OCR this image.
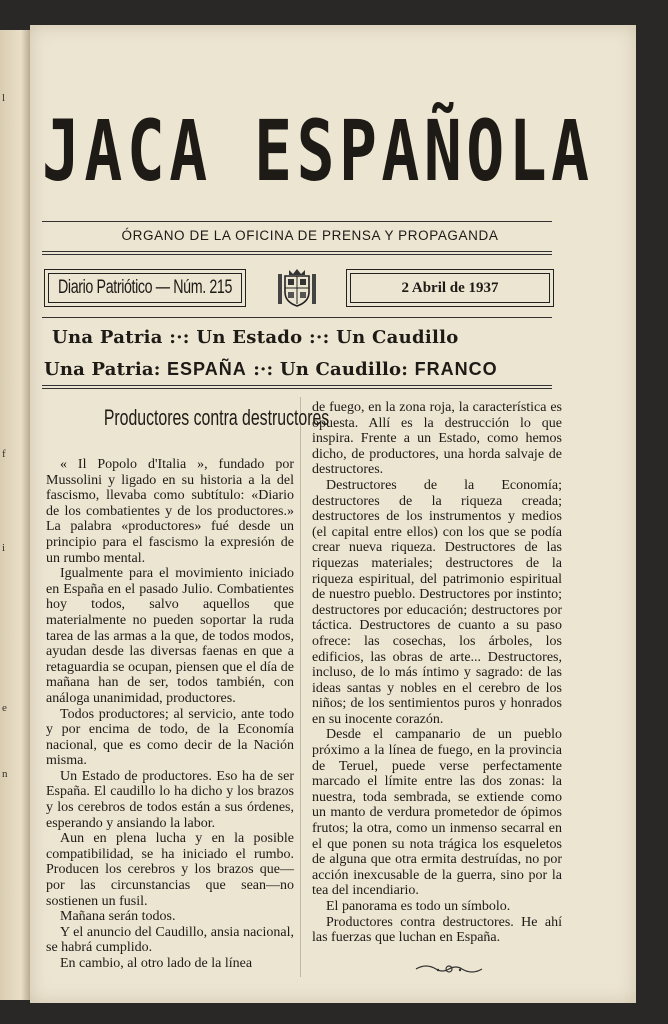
l
f
i
e
n
JACA ESPAÑOLA
ÓRGANO DE LA OFICINA DE PRENSA Y PROPAGANDA
Diario Patriótico — Núm. 215	2 Abril de 1937
Una Patria :·: Un Estado :·: Un Caudillo
Una Patria: ESPAÑA :·: Un Caudillo: FRANCO
Productores contra destructores

« Il Popolo d'Italia », fundado por Mussolini y ligado en su historia a la del fascismo, llevaba como subtítulo: «Diario de los combatientes y de los productores.» La palabra «productores» fué desde un principio para el fascismo la expresión de un rumbo mental.

Igualmente para el movimiento iniciado en España en el pasado Julio. Combatientes hoy todos, salvo aquellos que materialmente no pueden soportar la ruda tarea de las armas a la que, de todos modos, ayudan desde las diversas faenas en que a retaguardia se ocupan, piensen que el día de mañana han de ser, todos también, con análoga unanimidad, productores.

Todos productores; al servicio, ante todo y por encima de todo, de la Economía nacional, que es como decir de la Nación misma.

Un Estado de productores. Eso ha de ser España. El caudillo lo ha dicho y los brazos y los cerebros de todos están a sus órdenes, esperando y ansiando la labor.

Aun en plena lucha y en la posible compatibilidad, se ha iniciado el rumbo. Producen los cerebros y los brazos que—por las circunstancias que sean—no sostienen un fusil.

Mañana serán todos.

Y el anuncio del Caudillo, ansia nacional, se habrá cumplido.

En cambio, al otro lado de la línea

de fuego, en la zona roja, la característica es opuesta. Allí es la destrucción lo que inspira. Frente a un Estado, como hemos dicho, de productores, una horda salvaje de destructores.

Destructores de la Economía; destructores de la riqueza creada; destructores de los instrumentos y medios (el capital entre ellos) con los que se podía crear nueva riqueza. Destructores de las riquezas materiales; destructores de la riqueza espiritual, del patrimonio espiritual de nuestro pueblo. Destructores por instinto; destructores por educación; destructores por táctica. Destructores de cuanto a su paso ofrece: las cosechas, los árboles, los edificios, las obras de arte... Destructores, incluso, de lo más íntimo y sagrado: de las ideas santas y nobles en el cerebro de los niños; de los sentimientos puros y honrados en su inocente corazón.

Desde el campanario de un pueblo próximo a la línea de fuego, en la provincia de Teruel, puede verse perfectamente marcado el límite entre las dos zonas: la nuestra, toda sembrada, se extiende como un manto de verdura prometedor de ópimos frutos; la otra, como un inmenso secarral en el que ponen su nota trágica los esqueletos de alguna que otra ermita destruídas, no por acción inexcusable de la guerra, sino por la tea del incendiario.

El panorama es todo un símbolo.

Productores contra destructores. He ahí las fuerzas que luchan en España.
